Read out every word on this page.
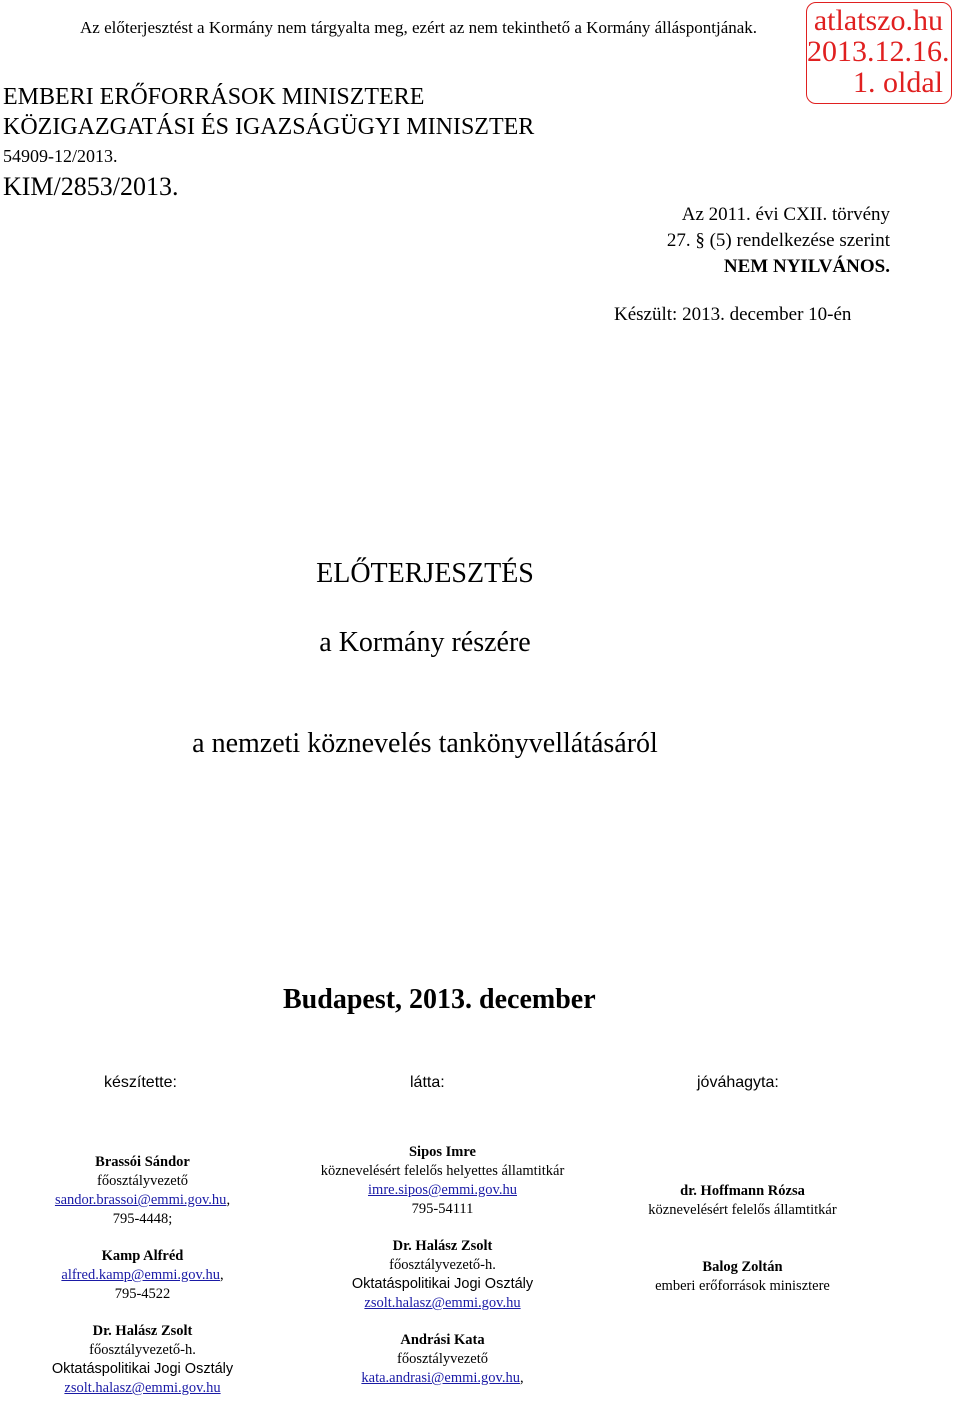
Az előterjesztést a Kormány nem tárgyalta meg, ezért az nem tekinthető a Kormány álláspontjának. atlatszo.hu
2013.12.16.
1. oldal
EMBERI ERŐFORRÁSOK MINISZTERE
KÖZIGAZGATÁSI ÉS IGAZSÁGÜGYI MINISZTER
54909-12/2013.
KIM/2853/2013.
Az 2011. évi CXII. törvény
27. § (5) rendelkezése szerint
NEM NYILVÁNOS.
Készült: 2013. december 10-én
ELŐTERJESZTÉS
a Kormány részére
a nemzeti köznevelés tankönyvellátásáról
Budapest, 2013. december
készítette:	látta:	jóváhagyta:
Brassói Sándor
főosztályvezető
sandor.brassoi@emmi.gov.hu,
795-4448;
Kamp Alfréd
alfred.kamp@emmi.gov.hu,
795-4522
Dr. Halász Zsolt
főosztályvezető-h.
Oktatáspolitikai Jogi Osztály
zsolt.halasz@emmi.gov.hu
Sipos Imre
köznevelésért felelős helyettes államtitkár
imre.sipos@emmi.gov.hu
795-54111
Dr. Halász Zsolt
főosztályvezető-h.
Oktatáspolitikai Jogi Osztály
zsolt.halasz@emmi.gov.hu
Andrási Kata
főosztályvezető
kata.andrasi@emmi.gov.hu,
dr. Hoffmann Rózsa
köznevelésért felelős államtitkár
Balog Zoltán
emberi erőforrások minisztere
